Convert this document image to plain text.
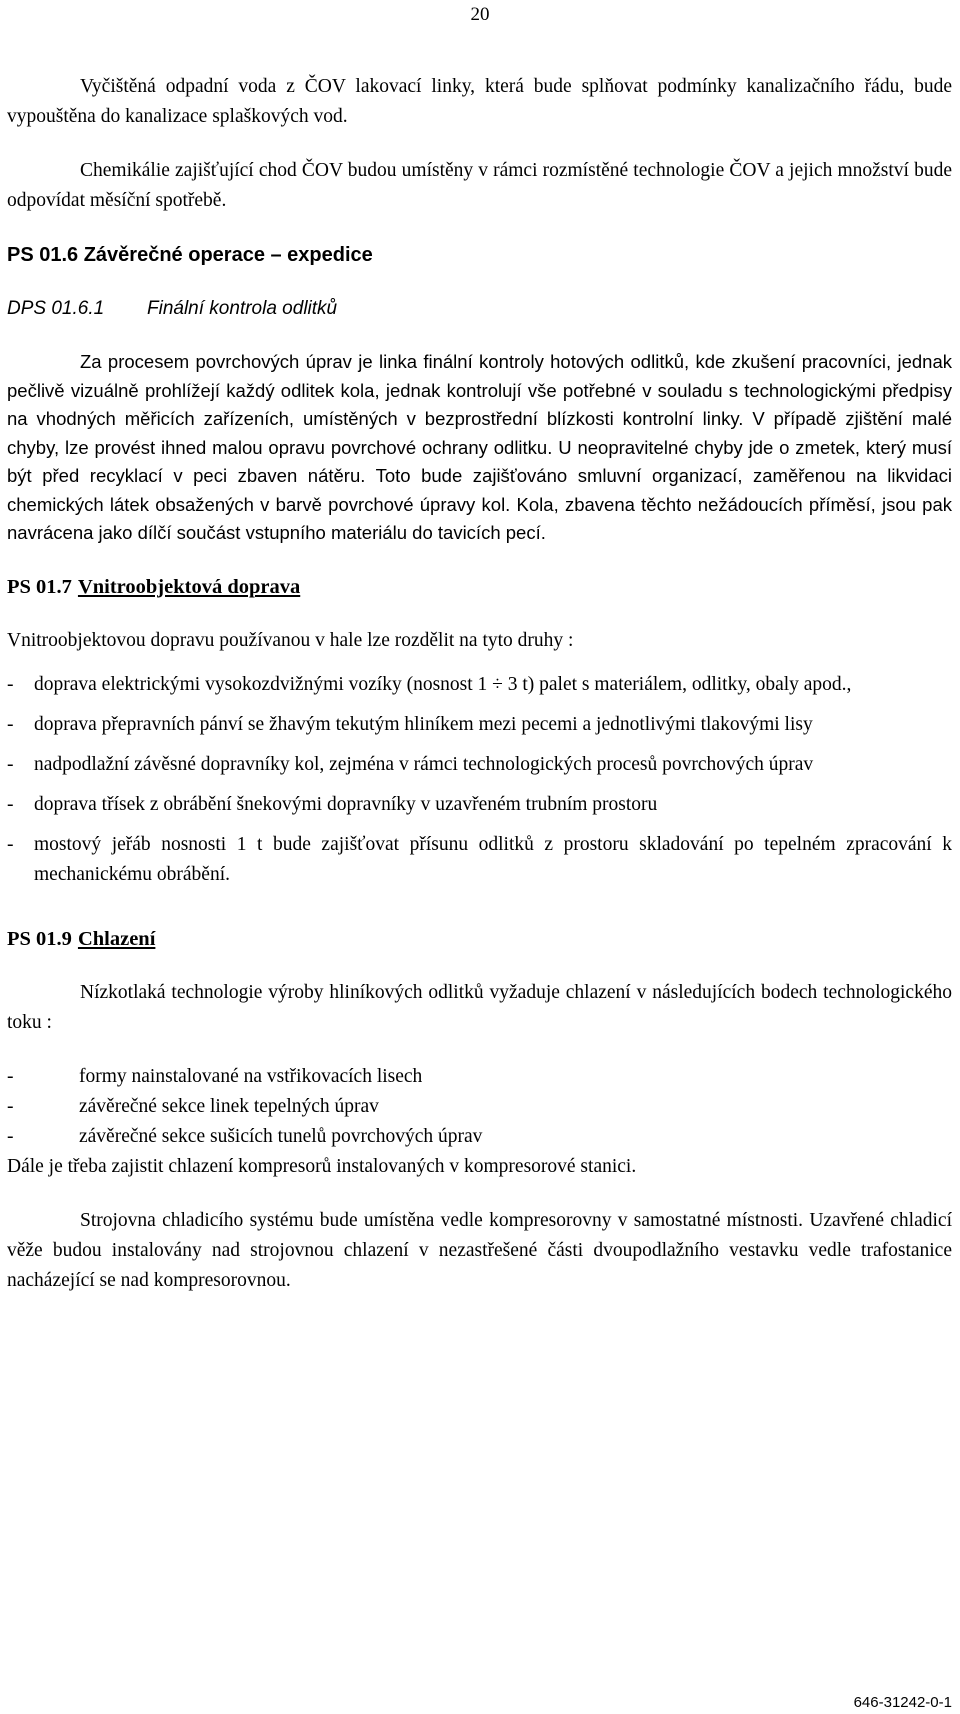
20

Vyčištěná odpadní voda z ČOV lakovací linky, která bude splňovat podmínky kanalizačního řádu, bude vypouštěna do kanalizace splaškových vod.

Chemikálie zajišťující chod ČOV budou umístěny v rámci rozmístěné technologie ČOV a jejich množství bude odpovídat měsíční spotřebě.

PS 01.6 Závěrečné operace – expedice
DPS 01.6.1	Finální kontrola odlitků

Za procesem povrchových úprav je linka finální kontroly hotových odlitků, kde zkušení pracovníci, jednak pečlivě vizuálně prohlížejí každý odlitek kola, jednak kontrolují vše potřebné v souladu s technologickými předpisy na vhodných měřicích zařízeních, umístěných v bezprostřední blízkosti kontrolní linky. V případě zjištění malé chyby, lze provést ihned malou opravu povrchové ochrany odlitku. U neopravitelné chyby jde o zmetek, který musí být před recyklací v peci zbaven nátěru. Toto bude zajišťováno smluvní organizací, zaměřenou na likvidaci chemických látek obsažených v barvě povrchové úpravy kol. Kola, zbavena těchto nežádoucích příměsí, jsou pak navrácena jako dílčí součást vstupního materiálu do tavicích pecí.

PS 01.7 Vnitroobjektová doprava

Vnitroobjektovou dopravu používanou v hale lze rozdělit na tyto druhy :

-	doprava elektrickými vysokozdvižnými vozíky (nosnost 1 ÷ 3 t) palet s materiálem, odlitky, obaly apod.,
-	doprava přepravních pánví se žhavým tekutým hliníkem mezi pecemi a jednotlivými tlakovými lisy
-	nadpodlažní závěsné dopravníky kol, zejména v rámci technologických procesů povrchových úprav
-	doprava třísek z obrábění šnekovými dopravníky v uzavřeném trubním prostoru
-	mostový jeřáb nosnosti 1 t bude zajišťovat přísunu odlitků z prostoru skladování po tepelném zpracování k mechanickému obrábění.
PS 01.9 Chlazení

Nízkotlaká technologie výroby hliníkových odlitků vyžaduje chlazení v následujících bodech technologického toku :

-	formy nainstalované na vstřikovacích lisech
-	závěrečné sekce linek tepelných úprav
-	závěrečné sekce sušicích tunelů povrchových úprav

Dále je třeba zajistit chlazení kompresorů instalovaných v kompresorové stanici.

Strojovna chladicího systému bude umístěna vedle kompresorovny v samostatné místnosti. Uzavřené chladicí věže budou instalovány nad strojovnou chlazení v nezastřešené části dvoupodlažního vestavku vedle trafostanice nacházející se nad kompresorovnou.

646-31242-0-1
